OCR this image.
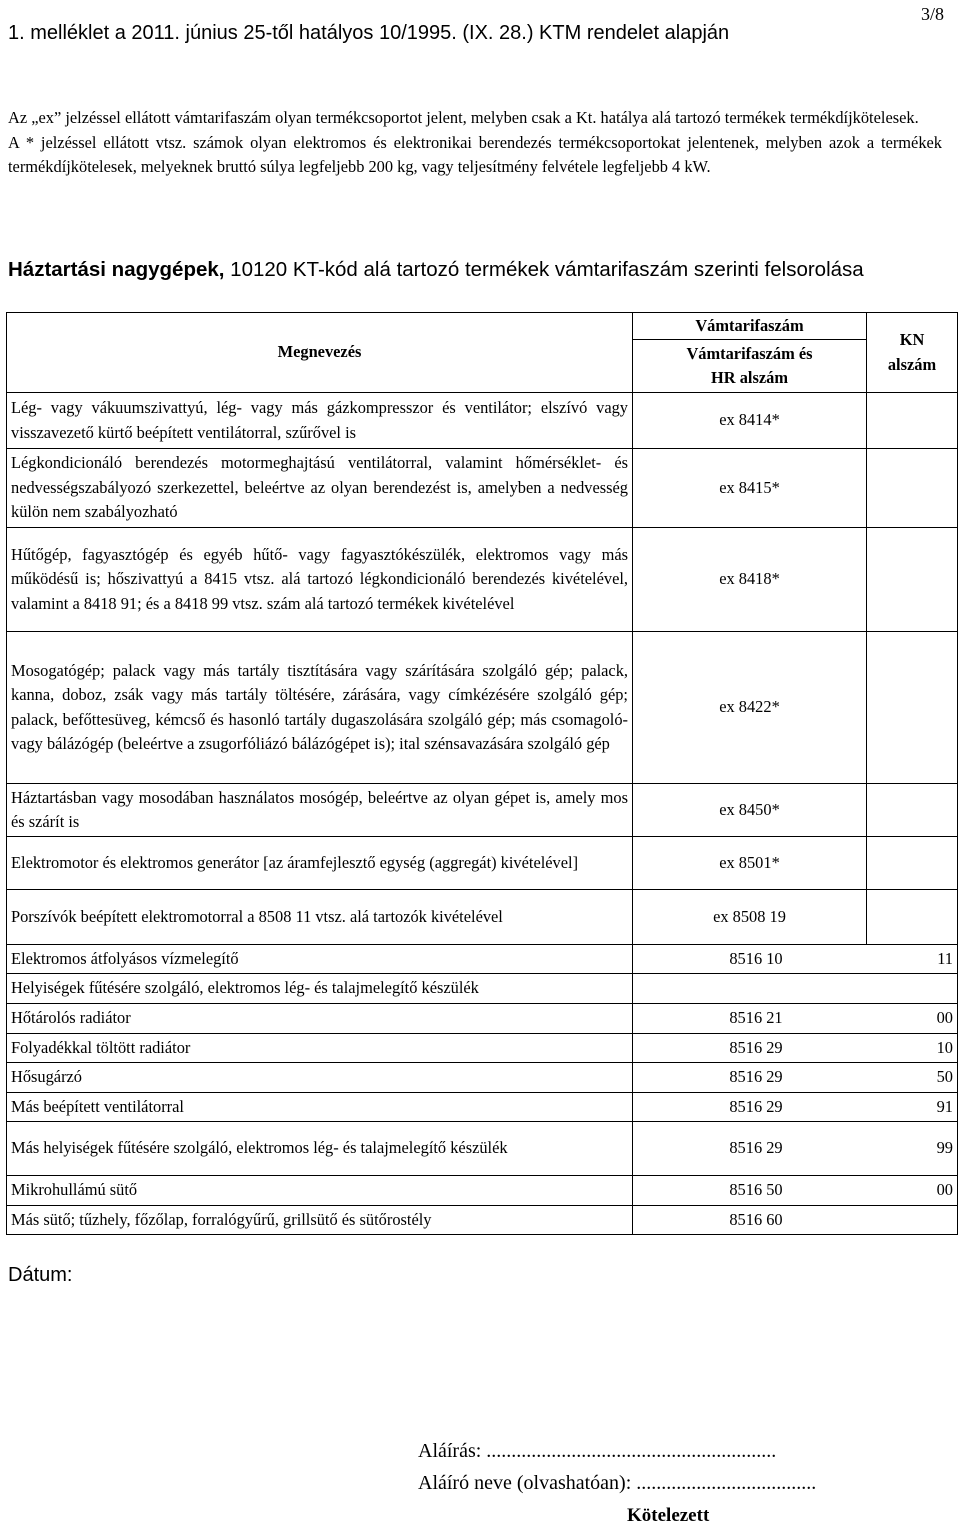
1. melléklet a 2011. június 25-től hatályos 10/1995. (IX. 28.) KTM rendelet alapján
3/8

Az „ex” jelzéssel ellátott vámtarifaszám olyan termékcsoportot jelent, melyben csak a Kt. hatálya alá tartozó termékek termékdíjkötelesek.

A * jelzéssel ellátott vtsz. számok olyan elektromos és elektronikai berendezés termékcsoportokat jelentenek, melyben azok a termékek termékdíjkötelesek, melyeknek bruttó súlya legfeljebb 200 kg, vagy teljesítmény felvétele legfeljebb 4 kW.

Háztartási nagygépek, 10120 KT-kód alá tartozó termékek vámtarifaszám szerinti felsorolása
Megnevezés	Vámtarifaszám	KN
alszám
	Vámtarifaszám és
HR alszám	
Lég- vagy vákuumszivattyú, lég- vagy más gázkompresszor és ventilátor; elszívó vagy visszavezető kürtő beépített ventilátorral, szűrővel is	ex 8414*	
Légkondicionáló berendezés motormeghajtású ventilátorral, valamint hőmérséklet- és nedvességszabályozó szerkezettel, beleértve az olyan berendezést is, amelyben a nedvesség külön nem szabályozható	ex 8415*	
Hűtőgép, fagyasztógép és egyéb hűtő- vagy fagyasztókészülék, elektromos vagy más működésű is; hőszivattyú a 8415 vtsz. alá tartozó légkondicionáló berendezés kivételével, valamint a 8418 91; és a 8418 99 vtsz. szám alá tartozó termékek kivételével	ex 8418*	
Mosogatógép; palack vagy más tartály tisztítására vagy szárítására szolgáló gép; palack, kanna, doboz, zsák vagy más tartály töltésére, zárására, vagy címkézésére szolgáló gép; palack, befőttesüveg, kémcső és hasonló tartály dugaszolására szolgáló gép; más csomagoló- vagy bálázógép (beleértve a zsugorfóliázó bálázógépet is); ital szénsavazására szolgáló gép	ex 8422*	
Háztartásban vagy mosodában használatos mosógép, beleértve az olyan gépet is, amely mos és szárít is	ex 8450*	
Elektromotor és elektromos generátor [az áramfejlesztő egység (aggregát) kivételével]	ex 8501*	
Porszívók beépített elektromotorral a 8508 11 vtsz. alá tartozók kivételével	ex 8508 19	
Elektromos átfolyásos vízmelegítő	8516 10 11	

Helyiségek fűtésére szolgáló, elektromos lég- és talajmelegítő készülék		

Hőtárolós radiátor	8516 21 00	

Folyadékkal töltött radiátor	8516 29 10	

Hősugárzó	8516 29 50	

Más beépített ventilátorral	8516 29 91	

Más helyiségek fűtésére szolgáló, elektromos lég- és talajmelegítő készülék	8516 29 99	

Mikrohullámú sütő	8516 50 00	

Más sütő; tűzhely, főzőlap, forralógyűrű, grillsütő és sütőrostély	8516 60	
Dátum:
Aláírás: ..........................................................
Aláíró neve (olvashatóan): ....................................
Kötelezett
